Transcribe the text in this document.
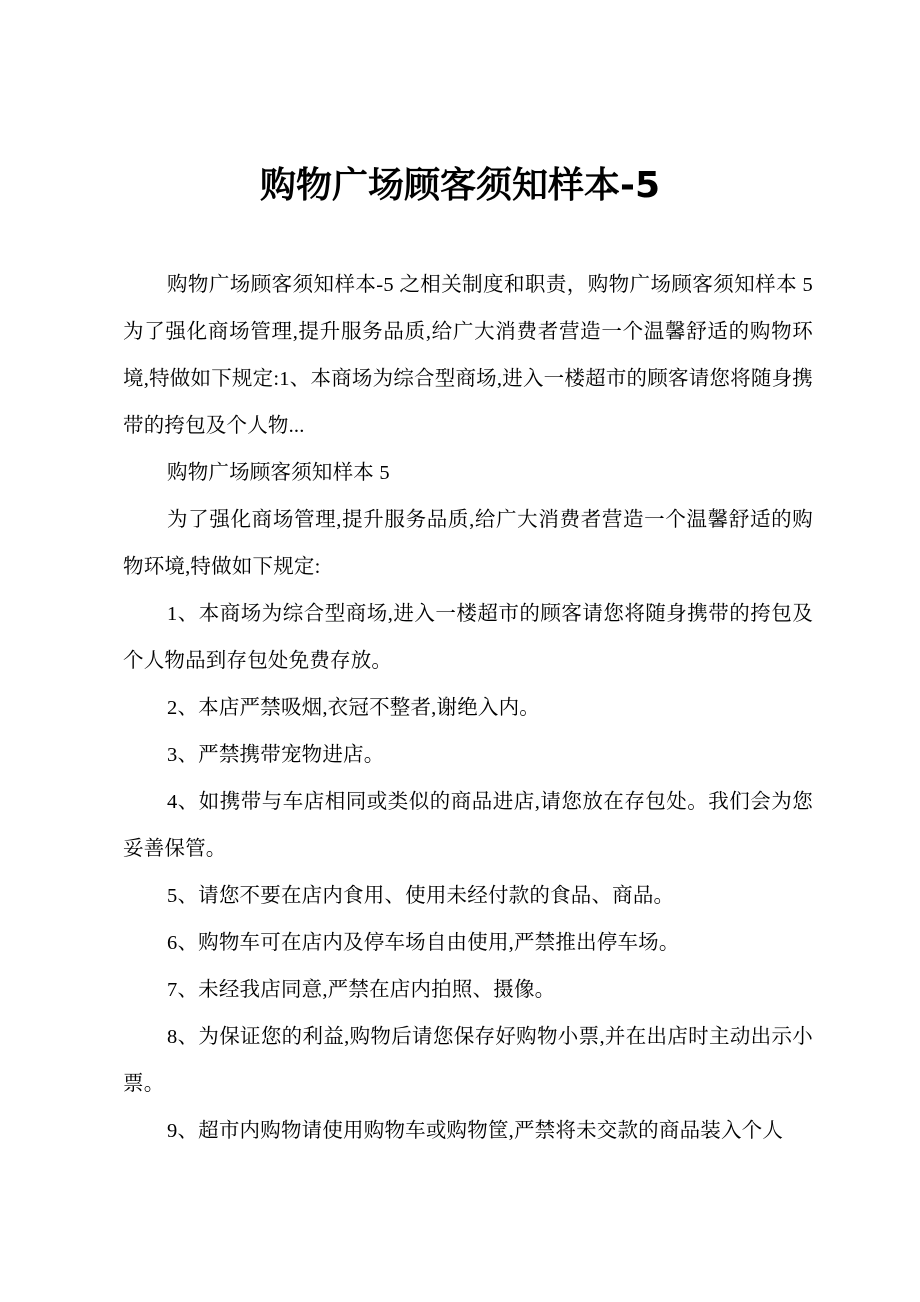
购物广场顾客须知样本-5

购物广场顾客须知样本-5 之相关制度和职责，购物广场顾客须知样本 5 为了强化商场管理,提升服务品质,给广大消费者营造一个温馨舒适的购物环境,特做如下规定:1、本商场为综合型商场,进入一楼超市的顾客请您将随身携带的挎包及个人物...

购物广场顾客须知样本 5

为了强化商场管理,提升服务品质,给广大消费者营造一个温馨舒适的购物环境,特做如下规定:

1、本商场为综合型商场,进入一楼超市的顾客请您将随身携带的挎包及个人物品到存包处免费存放。

2、本店严禁吸烟,衣冠不整者,谢绝入内。

3、严禁携带宠物进店。

4、如携带与车店相同或类似的商品进店,请您放在存包处。我们会为您妥善保管。

5、请您不要在店内食用、使用未经付款的食品、商品。

6、购物车可在店内及停车场自由使用,严禁推出停车场。

7、未经我店同意,严禁在店内拍照、摄像。

8、为保证您的利益,购物后请您保存好购物小票,并在出店时主动出示小票。

9、超市内购物请使用购物车或购物筐,严禁将未交款的商品装入个人
